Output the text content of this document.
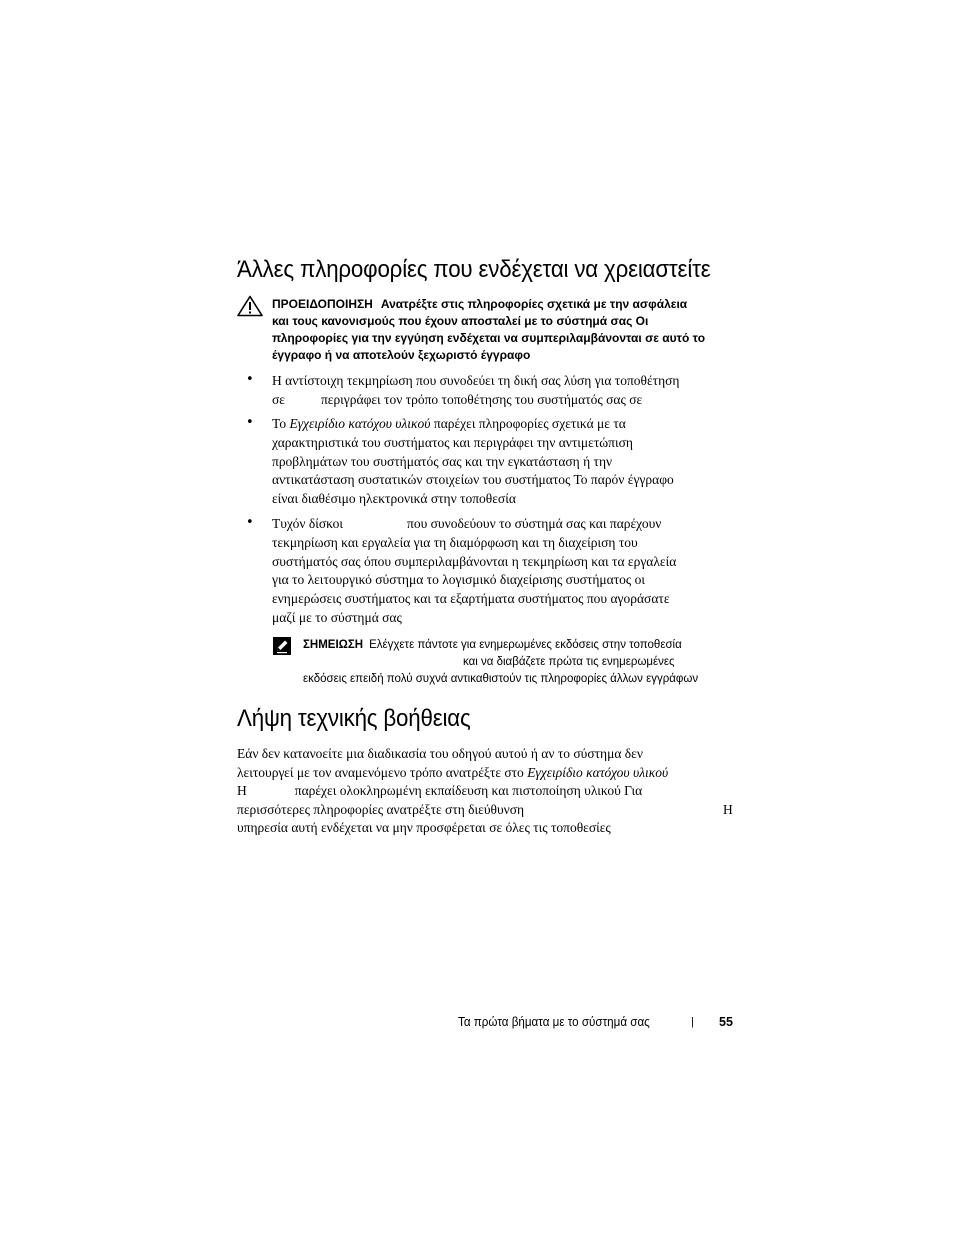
Άλλες πληροφορίες που ενδέχεται να χρειαστείτε
ΠΡΟΕΙΔΟΠΟΙΗΣΗ Ανατρέξτε στις πληροφορίες σχετικά με την ασφάλεια
και τους κανονισμούς που έχουν αποσταλεί με το σύστημά σας Οι
πληροφορίες για την εγγύηση ενδέχεται να συμπεριλαμβάνονται σε αυτό το
έγγραφο ή να αποτελούν ξεχωριστό έγγραφο
• Η αντίστοιχη τεκμηρίωση που συνοδεύει τη δική σας λύση για τοποθέτηση
σε	περιγράφει τον τρόπο τοποθέτησης του συστήματός σας σε
• Το Εγχειρίδιο κατόχου υλικού παρέχει πληροφορίες σχετικά με τα
χαρακτηριστικά του συστήματος και περιγράφει την αντιμετώπιση
προβλημάτων του συστήματός σας και την εγκατάσταση ή την
αντικατάσταση συστατικών στοιχείων του συστήματος Το παρόν έγγραφο
είναι διαθέσιμο ηλεκτρονικά στην τοποθεσία
• Τυχόν δίσκοι	που συνοδεύουν το σύστημά σας και παρέχουν
τεκμηρίωση και εργαλεία για τη διαμόρφωση και τη διαχείριση του
συστήματός σας όπου συμπεριλαμβάνονται η τεκμηρίωση και τα εργαλεία
για το λειτουργικό σύστημα το λογισμικό διαχείρισης συστήματος οι
ενημερώσεις συστήματος και τα εξαρτήματα συστήματος που αγοράσατε
μαζί με το σύστημά σας
ΣΗΜΕΙΩΣΗ Ελέγχετε πάντοτε για ενημερωμένες εκδόσεις στην τοποθεσία
και να διαβάζετε πρώτα τις ενημερωμένες
εκδόσεις επειδή πολύ συχνά αντικαθιστούν τις πληροφορίες άλλων εγγράφων
Λήψη τεχνικής βοήθειας
Εάν δεν κατανοείτε μια διαδικασία του οδηγού αυτού ή αν το σύστημα δεν
λειτουργεί με τον αναμενόμενο τρόπο ανατρέξτε στο Εγχειρίδιο κατόχου υλικού
Η	παρέχει ολοκληρωμένη εκπαίδευση και πιστοποίηση υλικού Για
περισσότερες πληροφορίες ανατρέξτε στη διεύθυνση	Η
υπηρεσία αυτή ενδέχεται να μην προσφέρεται σε όλες τις τοποθεσίες
Τα πρώτα βήματα με το σύστημά σας	| 55
